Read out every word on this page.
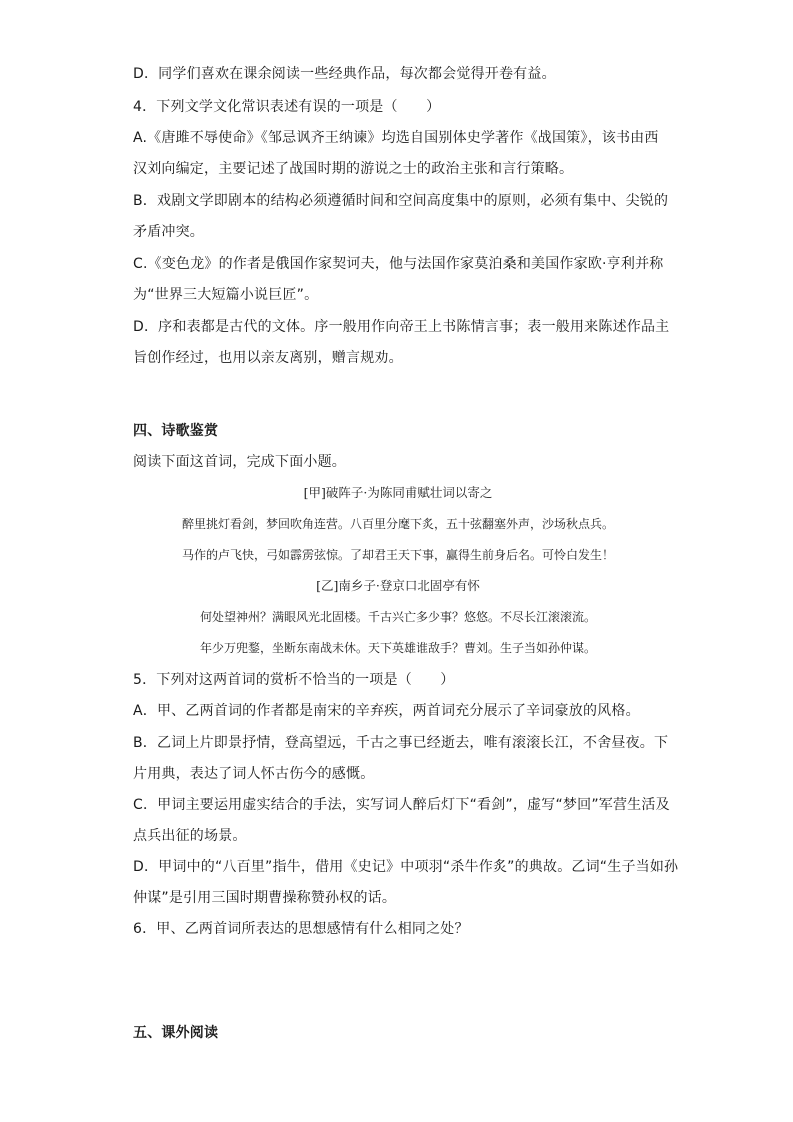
D．同学们喜欢在课余阅读一些经典作品，每次都会觉得开卷有益。
4．下列文学文化常识表述有误的一项是（　　）
A.《唐雎不辱使命》《邹忌讽齐王纳谏》均选自国别体史学著作《战国策》，该书由西
汉刘向编定，主要记述了战国时期的游说之士的政治主张和言行策略。
B．戏剧文学即剧本的结构必须遵循时间和空间高度集中的原则，必须有集中、尖锐的
矛盾冲突。
C.《变色龙》的作者是俄国作家契诃夫，他与法国作家莫泊桑和美国作家欧·亨利并称
为“世界三大短篇小说巨匠”。
D．序和表都是古代的文体。序一般用作向帝王上书陈情言事；表一般用来陈述作品主
旨创作经过，也用以亲友离别，赠言规劝。
四、诗歌鉴赏
阅读下面这首词，完成下面小题。
[甲]破阵子·为陈同甫赋壮词以寄之
醉里挑灯看剑，梦回吹角连营。八百里分麾下炙，五十弦翻塞外声，沙场秋点兵。
马作的卢飞快，弓如霹雳弦惊。了却君王天下事，赢得生前身后名。可怜白发生！
[乙]南乡子·登京口北固亭有怀
何处望神州？满眼风光北固楼。千古兴亡多少事？悠悠。不尽长江滚滚流。
年少万兜鍪，坐断东南战未休。天下英雄谁敌手？曹刘。生子当如孙仲谋。
5．下列对这两首词的赏析不恰当的一项是（　　）
A．甲、乙两首词的作者都是南宋的辛弃疾，两首词充分展示了辛词豪放的风格。
B．乙词上片即景抒情，登高望远，千古之事已经逝去，唯有滚滚长江，不舍昼夜。下
片用典，表达了词人怀古伤今的感慨。
C．甲词主要运用虚实结合的手法，实写词人醉后灯下“看剑”，虚写“梦回”军营生活及
点兵出征的场景。
D．甲词中的“八百里”指牛，借用《史记》中项羽“杀牛作炙”的典故。乙词“生子当如孙
仲谋”是引用三国时期曹操称赞孙权的话。
6．甲、乙两首词所表达的思想感情有什么相同之处？
五、课外阅读
